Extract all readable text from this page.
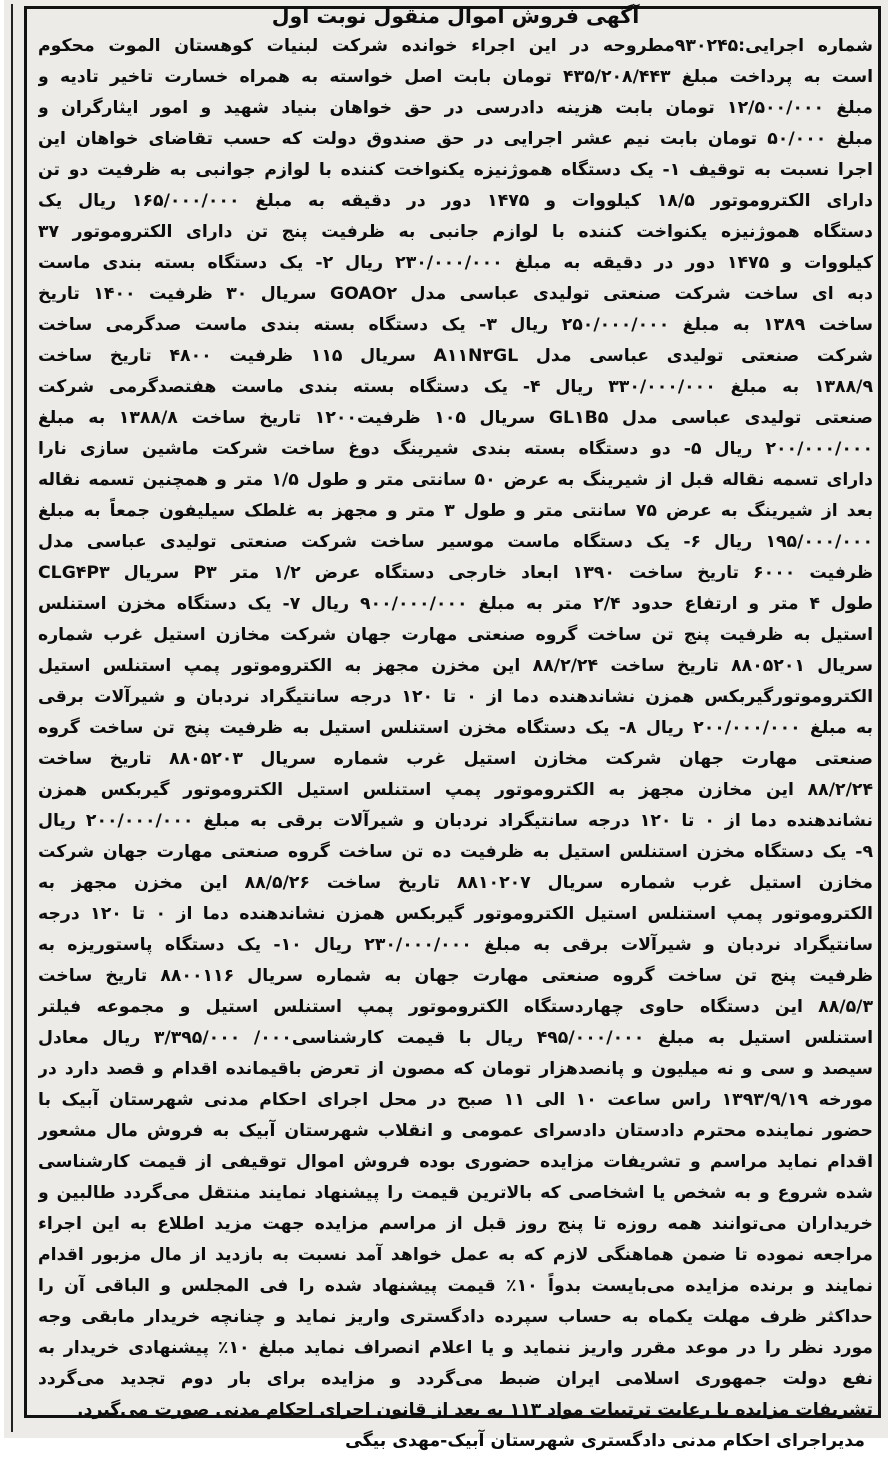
آگهی فروش اموال منقول نوبت اول
شماره اجرایی:۹۳۰۲۴۵مطروحه در این اجراء خوانده شرکت لبنیات کوهستان الموت محکوم
است به پرداخت مبلغ ۴۳۵/۲۰۸/۴۴۳ تومان بابت اصل خواسته به همراه خسارت تاخیر تادیه و
مبلغ ۱۲/۵۰۰/۰۰۰ تومان بابت هزینه دادرسی در حق خواهان بنیاد شهید و امور ایثارگران و
مبلغ ۵۰/۰۰۰ تومان بابت نیم عشر اجرایی در حق صندوق دولت که حسب تقاضای خواهان این
اجرا نسبت به توقیف ۱- یک دستگاه هموژنیزه یکنواخت کننده با لوازم جوانبی به ظرفیت دو تن
دارای الکتروموتور ۱۸/۵ کیلووات و ۱۴۷۵ دور در دقیقه به مبلغ ۱۶۵/۰۰۰/۰۰۰ ریال یک
دستگاه هموژنیزه یکنواخت کننده با لوازم جانبی به ظرفیت پنج تن دارای الکتروموتور ۳۷
کیلووات و ۱۴۷۵ دور در دقیقه به مبلغ ۲۳۰/۰۰۰/۰۰۰ ریال ۲- یک دستگاه بسته بندی ماست
دبه ای ساخت شرکت صنعتی تولیدی عباسی مدل GOAO۲ سریال ۳۰ ظرفیت ۱۴۰۰ تاریخ
ساخت ۱۳۸۹ به مبلغ ۲۵۰/۰۰۰/۰۰۰ ریال ۳- یک دستگاه بسته بندی ماست صدگرمی ساخت
شرکت صنعتی تولیدی عباسی مدل A۱۱N۳GL سریال ۱۱۵ ظرفیت ۴۸۰۰ تاریخ ساخت
۱۳۸۸/۹ به مبلغ ۳۳۰/۰۰۰/۰۰۰ ریال ۴- یک دستگاه بسته بندی ماست هفتصدگرمی شرکت
صنعتی تولیدی عباسی مدل GL۱B۵ سریال ۱۰۵ ظرفیت۱۲۰۰ تاریخ ساخت ۱۳۸۸/۸ به مبلغ
۲۰۰/۰۰۰/۰۰۰ ریال ۵- دو دستگاه بسته بندی شیرینگ دوغ ساخت شرکت ماشین سازی نارا
دارای تسمه نقاله قبل از شیرینگ به عرض ۵۰ سانتی متر و طول ۱/۵ متر و همچنین تسمه نقاله
بعد از شیرینگ به عرض ۷۵ سانتی متر و طول ۳ متر و مجهز به غلطک سیلیفون جمعاً به مبلغ
۱۹۵/۰۰۰/۰۰۰ ریال ۶- یک دستگاه ماست موسیر ساخت شرکت صنعتی تولیدی عباسی مدل
CLG۴P۳ سریال P۳ ظرفیت ۶۰۰۰ تاریخ ساخت ۱۳۹۰ ابعاد خارجی دستگاه عرض ۱/۲ متر
طول ۴ متر و ارتفاع حدود ۲/۴ متر به مبلغ ۹۰۰/۰۰۰/۰۰۰ ریال ۷- یک دستگاه مخزن استنلس
استیل به ظرفیت پنج تن ساخت گروه صنعتی مهارت جهان شرکت مخازن استیل غرب شماره
سریال ۸۸۰۵۲۰۱ تاریخ ساخت ۸۸/۲/۲۴ این مخزن مجهز به الکتروموتور پمپ استنلس استیل
الکتروموتورگیربکس همزن نشاندهنده دما از ۰ تا ۱۲۰ درجه سانتیگراد نردبان و شیرآلات برقی
به مبلغ ۲۰۰/۰۰۰/۰۰۰ ریال ۸- یک دستگاه مخزن استنلس استیل به ظرفیت پنج تن ساخت گروه
صنعتی مهارت جهان شرکت مخازن استیل غرب شماره سریال ۸۸۰۵۲۰۳ تاریخ ساخت
۸۸/۲/۲۴ این مخازن مجهز به الکتروموتور پمپ استنلس استیل الکتروموتور گیربکس همزن
نشاندهنده دما از ۰ تا ۱۲۰ درجه سانتیگراد نردبان و شیرآلات برقی به مبلغ ۲۰۰/۰۰۰/۰۰۰ ریال
۹- یک دستگاه مخزن استنلس استیل به ظرفیت ده تن ساخت گروه صنعتی مهارت جهان شرکت
مخازن استیل غرب شماره سریال ۸۸۱۰۲۰۷ تاریخ ساخت ۸۸/۵/۲۶ این مخزن مجهز به
الکتروموتور پمپ استنلس استیل الکتروموتور گیربکس همزن نشاندهنده دما از ۰ تا ۱۲۰ درجه
سانتیگراد نردبان و شیرآلات برقی به مبلغ ۲۳۰/۰۰۰/۰۰۰ ریال ۱۰- یک دستگاه پاستوریزه به
ظرفیت پنج تن ساخت گروه صنعتی مهارت جهان به شماره سریال ۸۸۰۰۱۱۶ تاریخ ساخت
۸۸/۵/۳ این دستگاه حاوی چهاردستگاه الکتروموتور پمپ استنلس استیل و مجموعه فیلتر
استنلس استیل به مبلغ ۴۹۵/۰۰۰/۰۰۰ ریال با قیمت کارشناسی۰۰۰/ ۳/۳۹۵/۰۰۰ ریال معادل
سیصد و سی و نه میلیون و پانصدهزار تومان که مصون از تعرض باقیمانده اقدام و قصد دارد در
مورخه ۱۳۹۳/۹/۱۹ راس ساعت ۱۰ الی ۱۱ صبح در محل اجرای احکام مدنی شهرستان آبیک با
حضور نماینده محترم دادستان دادسرای عمومی و انقلاب شهرستان آبیک به فروش مال مشعور
اقدام نماید مراسم و تشریفات مزایده حضوری بوده فروش اموال توقیفی از قیمت کارشناسی
شده شروع و به شخص یا اشخاصی که بالاترین قیمت را پیشنهاد نمایند منتقل می‌گردد طالبین و
خریداران می‌توانند همه روزه تا پنج روز قبل از مراسم مزایده جهت مزید اطلاع به این اجراء
مراجعه نموده تا ضمن هماهنگی لازم که به عمل خواهد آمد نسبت به بازدید از مال مزبور اقدام
نمایند و برنده مزایده می‌بایست بدواً ۱۰٪ قیمت پیشنهاد شده را فی المجلس و الباقی آن را
حداکثر ظرف مهلت یکماه به حساب سپرده دادگستری واریز نماید و چنانچه خریدار مابقی وجه
مورد نظر را در موعد مقرر واریز ننماید و یا اعلام انصراف نماید مبلغ ۱۰٪ پیشنهادی خریدار به
نفع دولت جمهوری اسلامی ایران ضبط می‌گردد و مزایده برای بار دوم تجدید می‌گردد
تشریفات مزایده با رعایت ترتیبات مواد ۱۱۳ به بعد از قانون اجرای احکام مدنی صورت می‌گیرد.
مدیراجرای احکام مدنی دادگستری شهرستان آبیک-مهدی بیگی
